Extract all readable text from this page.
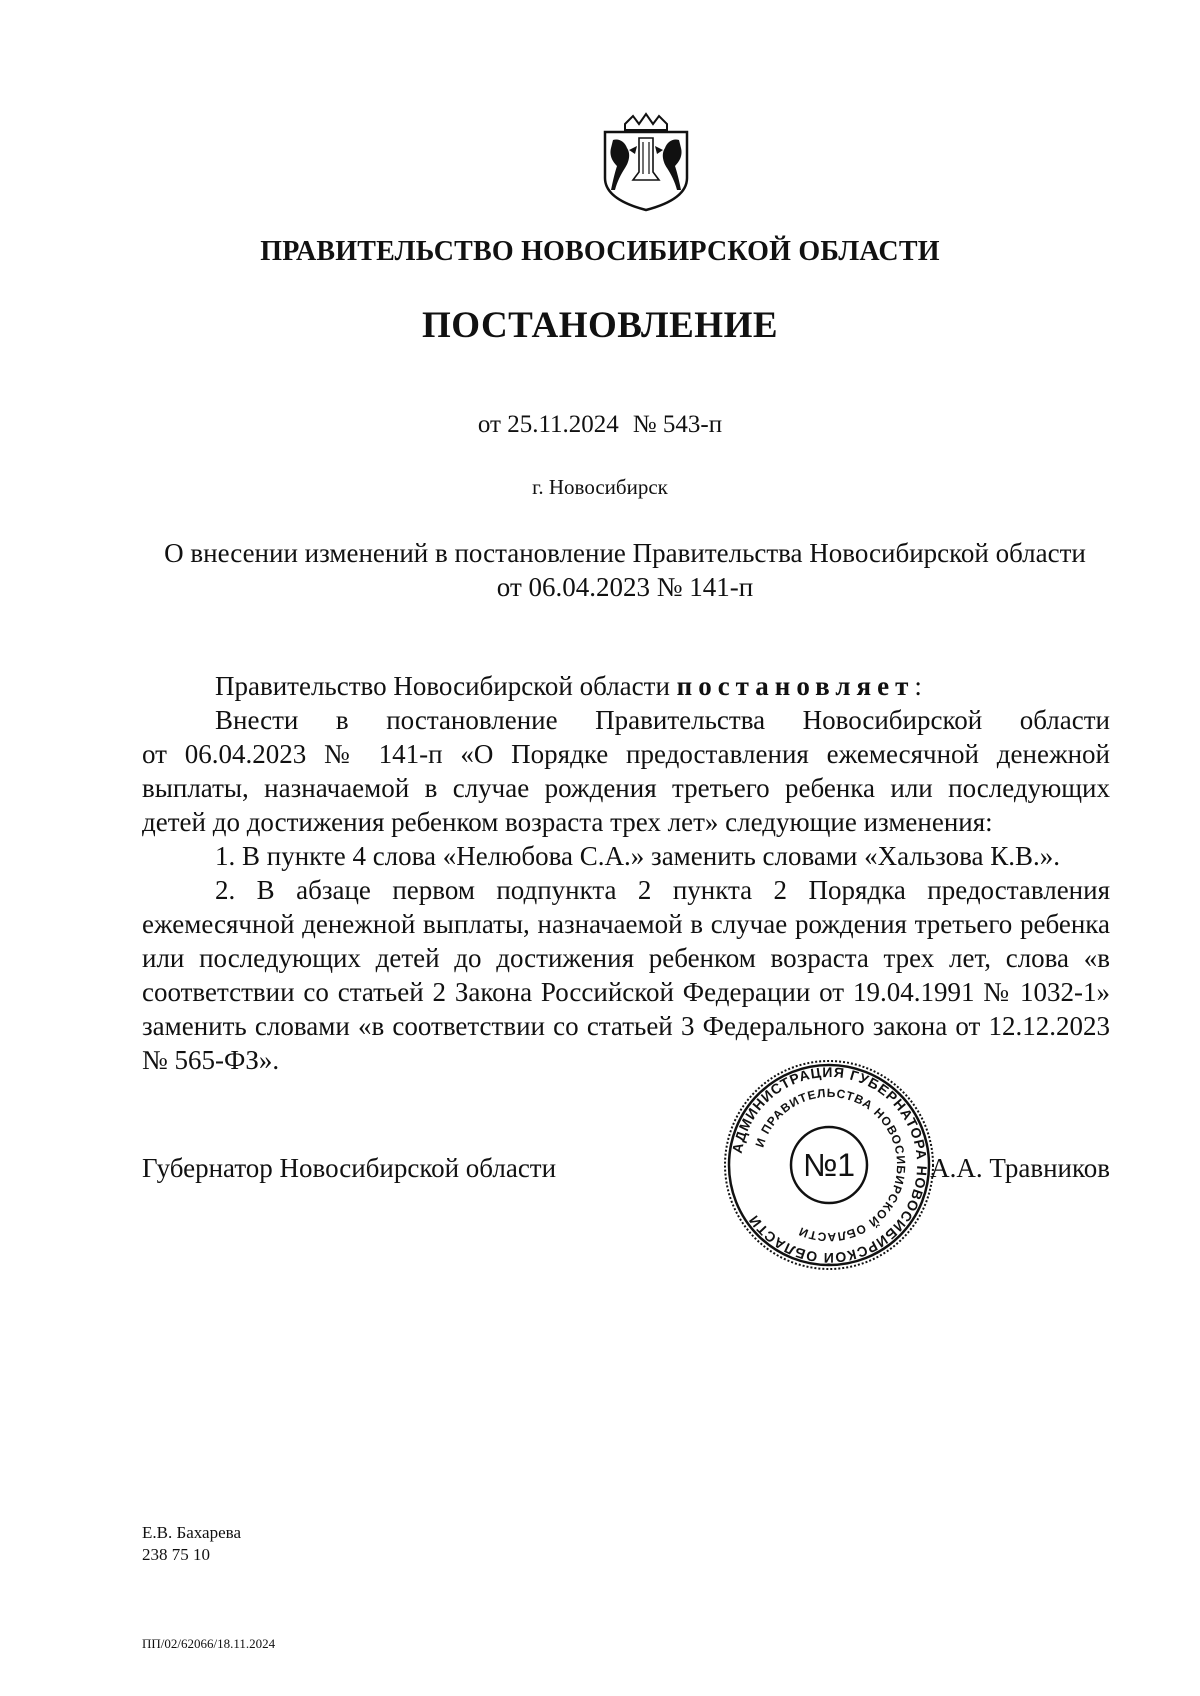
ПРАВИТЕЛЬСТВО НОВОСИБИРСКОЙ ОБЛАСТИ
ПОСТАНОВЛЕНИЕ
от 25.11.2024 № 543-п
г. Новосибирск
О внесении изменений в постановление Правительства Новосибирской области
от 06.04.2023 № 141-п

Правительство Новосибирской области постановляет:

Внести в постановление Правительства Новосибирской области

от 06.04.2023 № 141-п «О Порядке предоставления ежемесячной денежной выплаты, назначаемой в случае рождения третьего ребенка или последующих детей до достижения ребенком возраста трех лет» следующие изменения:

1. В пункте 4 слова «Нелюбова С.А.» заменить словами «Хальзова К.В.».

2. В абзаце первом подпункта 2 пункта 2 Порядка предоставления ежемесячной денежной выплаты, назначаемой в случае рождения третьего ребенка или последующих детей до достижения ребенком возраста трех лет, слова «в соответствии со статьей 2 Закона Российской Федерации от 19.04.1991 № 1032-1» заменить словами «в соответствии со статьей 3 Федерального закона от 12.12.2023 № 565-ФЗ».

Губернатор Новосибирской области
АДМИНИСТРАЦИЯ ГУБЕРНАТОРА НОВОСИБИРСКОЙ ОБЛАСТИ
И ПРАВИТЕЛЬСТВА НОВОСИБИРСКОЙ ОБЛАСТИ
№1	А.А. Травников
Е.В. Бахарева
238 75 10
ПП/02/62066/18.11.2024
